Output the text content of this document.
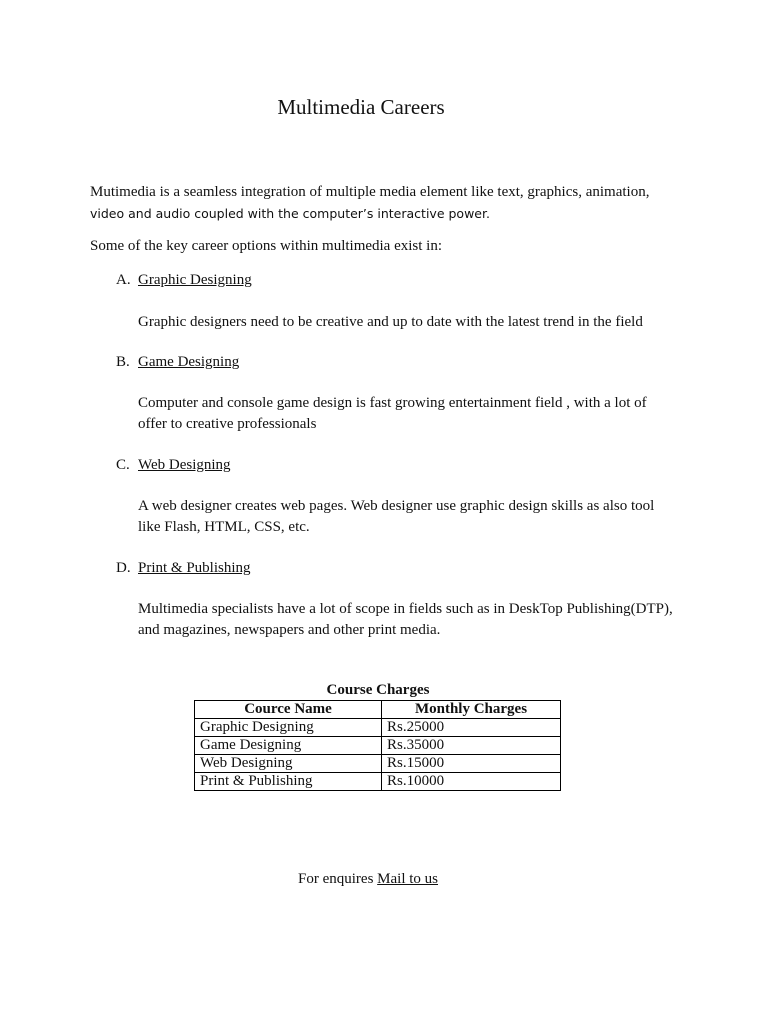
Multimedia Careers
Mutimedia is a seamless integration of multiple media element like text, graphics, animation,
video and audio coupled with the computer’s interactive power.
Some of the key career options within multimedia exist in:
A. Graphic Designing
Graphic designers need to be creative and up to date with the latest trend in the field
B. Game Designing
Computer and console game design is fast growing entertainment field , with a lot of offer to creative professionals
C. Web Designing
A web designer creates web pages. Web designer use graphic design skills as also tool like Flash, HTML, CSS, etc.
D. Print & Publishing
Multimedia specialists have a lot of scope in fields such as in DeskTop Publishing(DTP), and magazines, newspapers and other print media.
Course Charges
Cource Name	Monthly Charges
Graphic Designing	Rs.25000
Game Designing	Rs.35000
Web Designing	Rs.15000
Print & Publishing	Rs.10000
For enquires Mail to us
